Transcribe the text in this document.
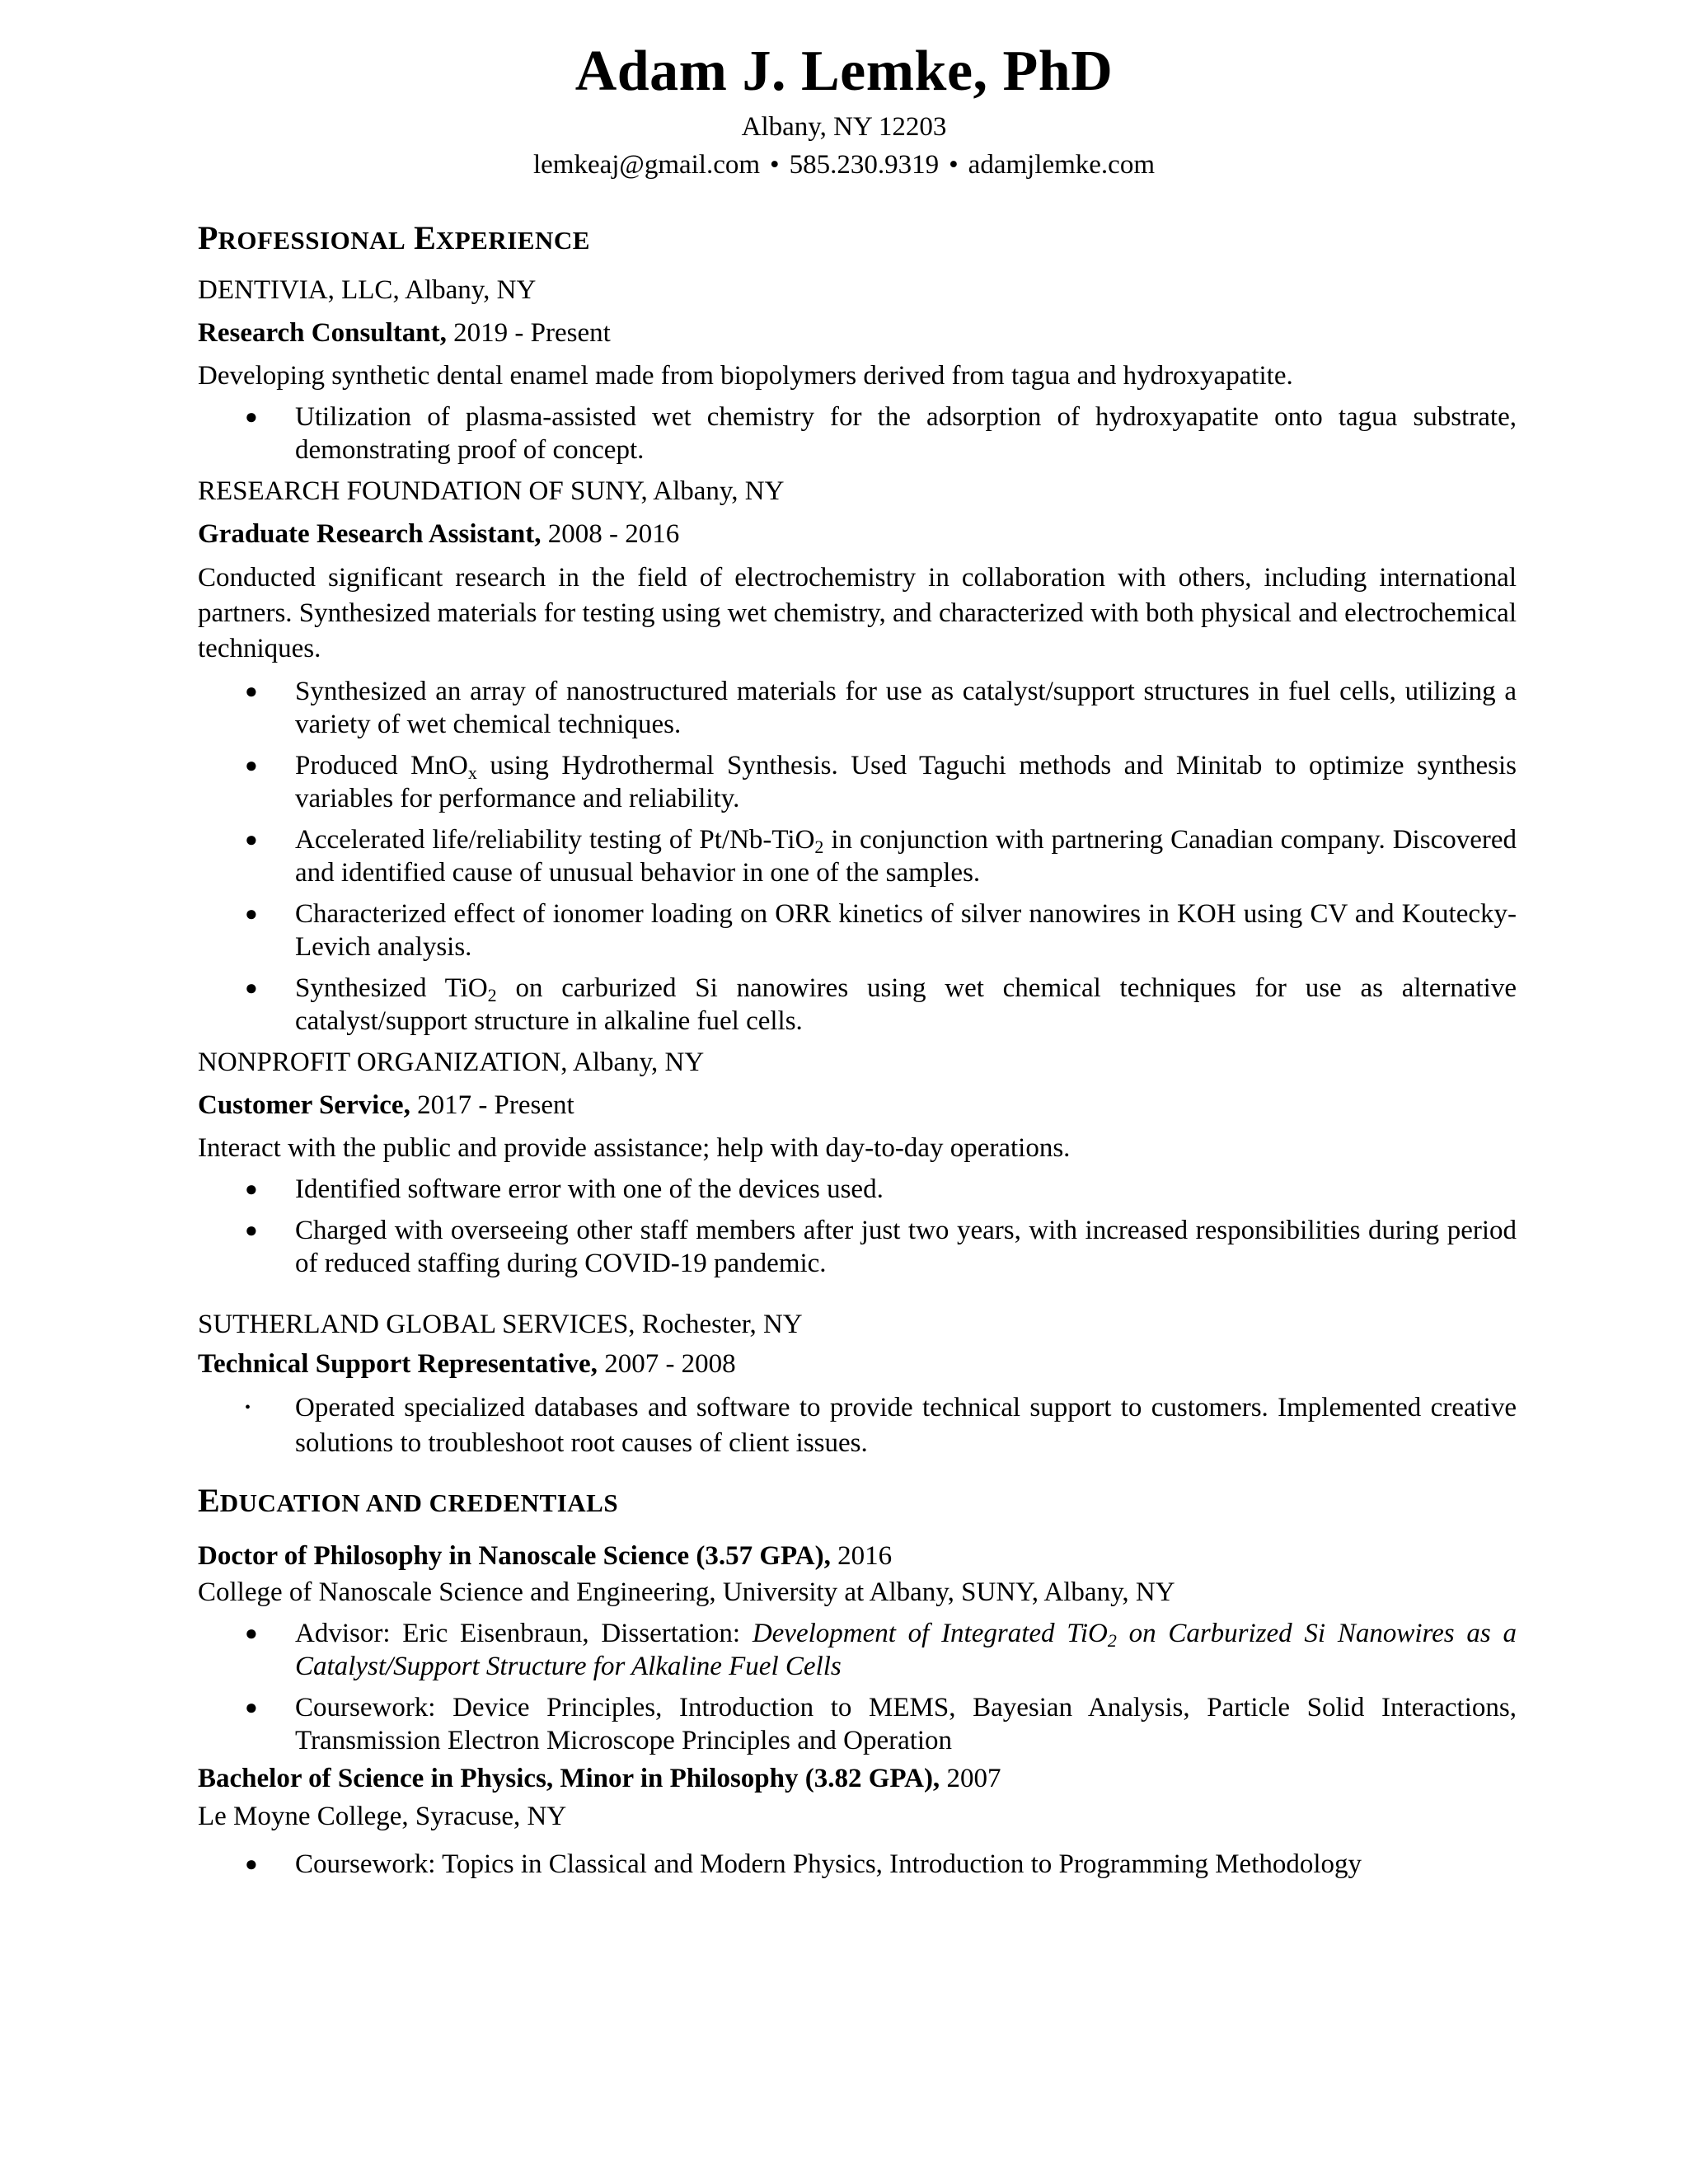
Adam J. Lemke, PhD
Albany, NY 12203
lemkeaj@gmail.com • 585.230.9319 • adamjlemke.com
PROFESSIONAL EXPERIENCE
DENTIVIA, LLC, Albany, NY
Research Consultant, 2019 - Present
Developing synthetic dental enamel made from biopolymers derived from tagua and hydroxyapatite.
● Utilization of plasma-assisted wet chemistry for the adsorption of hydroxyapatite onto tagua substrate, demonstrating proof of concept.
RESEARCH FOUNDATION OF SUNY, Albany, NY
Graduate Research Assistant, 2008 - 2016
Conducted significant research in the field of electrochemistry in collaboration with others, including international partners. Synthesized materials for testing using wet chemistry, and characterized with both physical and electrochemical techniques.
● Synthesized an array of nanostructured materials for use as catalyst/support structures in fuel cells, utilizing a variety of wet chemical techniques.
● Produced MnO$_x$ using Hydrothermal Synthesis. Used Taguchi methods and Minitab to optimize synthesis variables for performance and reliability.
● Accelerated life/reliability testing of Pt/Nb-TiO$_2$ in conjunction with partnering Canadian company. Discovered and identified cause of unusual behavior in one of the samples.
● Characterized effect of ionomer loading on ORR kinetics of silver nanowires in KOH using CV and Koutecky-Levich analysis.
● Synthesized TiO$_2$ on carburized Si nanowires using wet chemical techniques for use as alternative catalyst/support structure in alkaline fuel cells.
NONPROFIT ORGANIZATION, Albany, NY
Customer Service, 2017 - Present
Interact with the public and provide assistance; help with day-to-day operations.
● Identified software error with one of the devices used.
● Charged with overseeing other staff members after just two years, with increased responsibilities during period of reduced staffing during COVID-19 pandemic.
SUTHERLAND GLOBAL SERVICES, Rochester, NY
Technical Support Representative, 2007 - 2008
• Operated specialized databases and software to provide technical support to customers. Implemented creative solutions to troubleshoot root causes of client issues.
EDUCATION AND CREDENTIALS
Doctor of Philosophy in Nanoscale Science (3.57 GPA), 2016
College of Nanoscale Science and Engineering, University at Albany, SUNY, Albany, NY
● Advisor: Eric Eisenbraun, Dissertation: Development of Integrated TiO$_2$ on Carburized Si Nanowires as a Catalyst/Support Structure for Alkaline Fuel Cells
● Coursework: Device Principles, Introduction to MEMS, Bayesian Analysis, Particle Solid Interactions, Transmission Electron Microscope Principles and Operation
Bachelor of Science in Physics, Minor in Philosophy (3.82 GPA), 2007
Le Moyne College, Syracuse, NY
● Coursework: Topics in Classical and Modern Physics, Introduction to Programming Methodology
